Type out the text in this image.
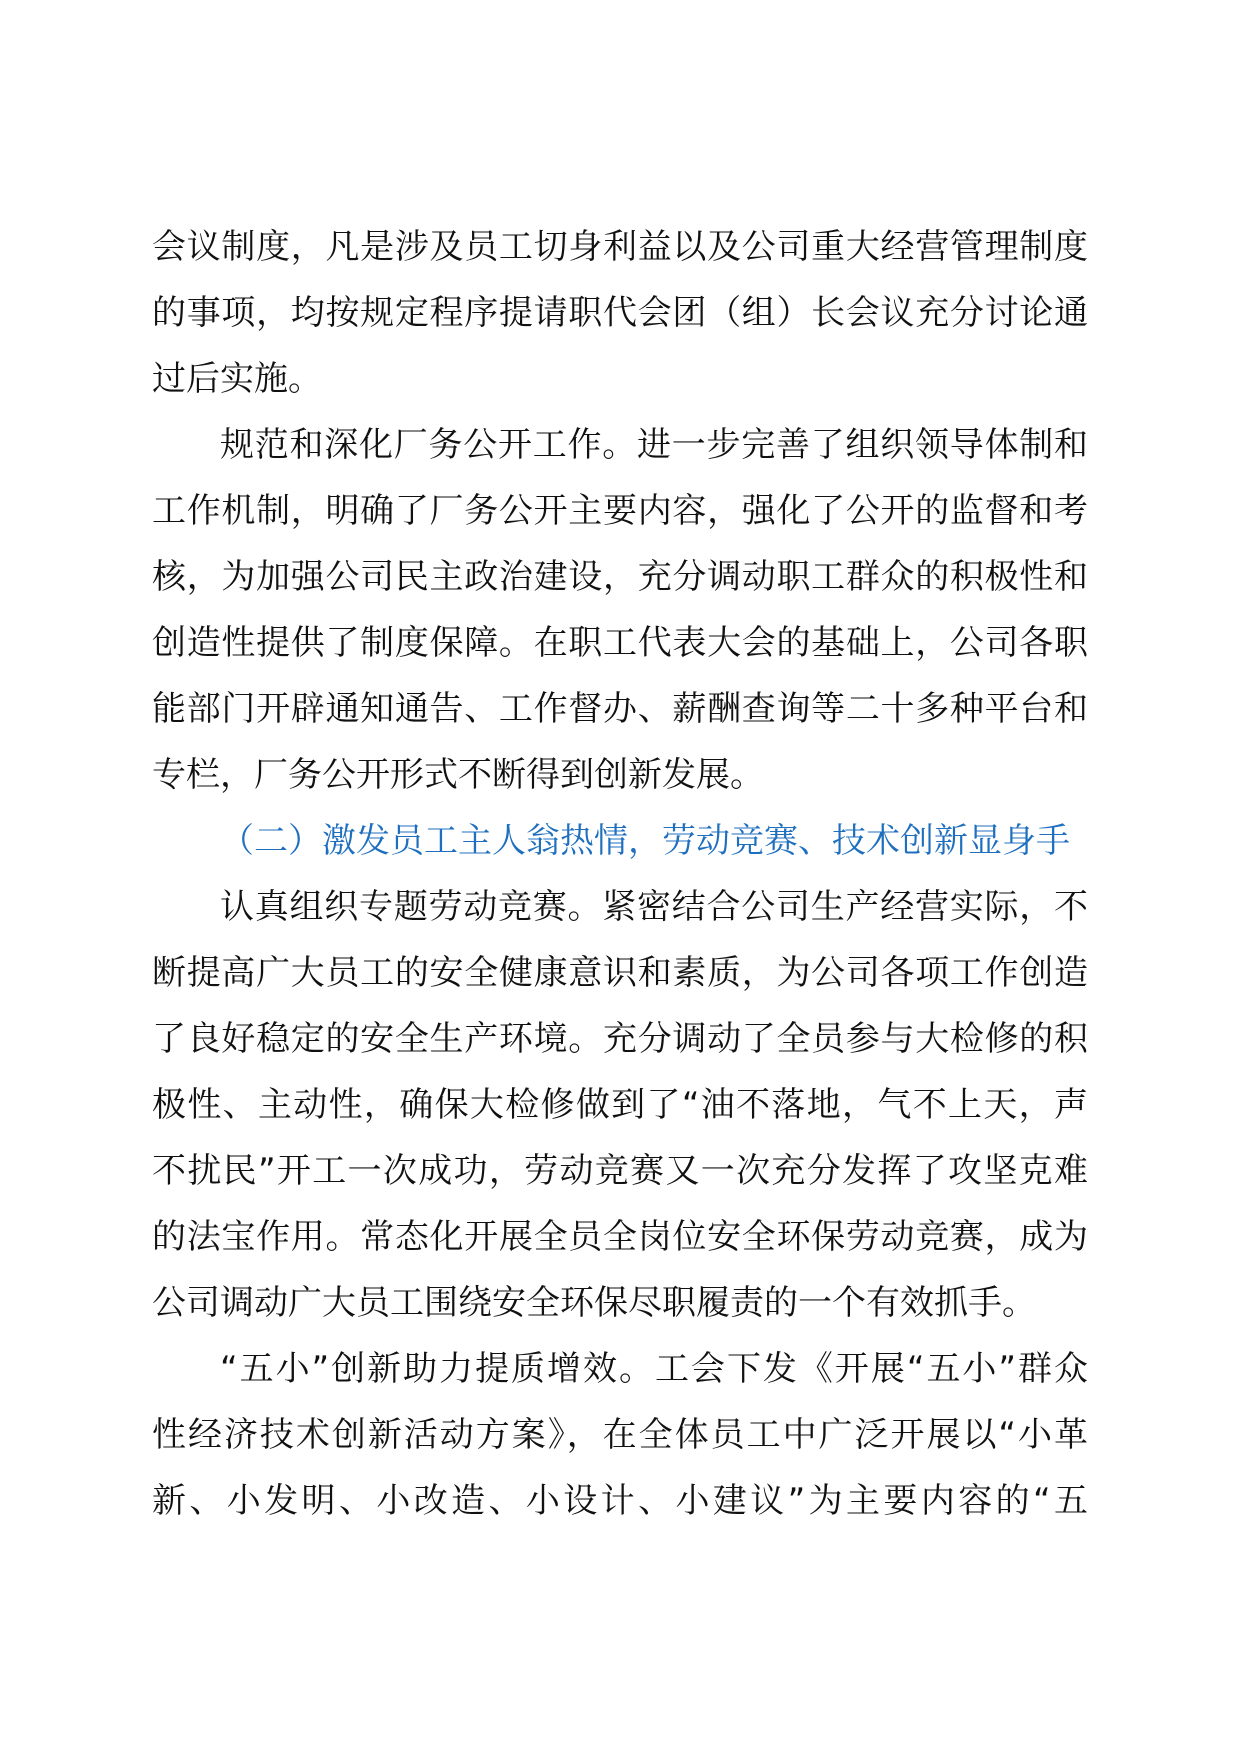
会议制度，凡是涉及员工切身利益以及公司重大经营管理制度
的事项，均按规定程序提请职代会团（组）长会议充分讨论通
过后实施。
规范和深化厂务公开工作。进一步完善了组织领导体制和
工作机制，明确了厂务公开主要内容，强化了公开的监督和考
核，为加强公司民主政治建设，充分调动职工群众的积极性和
创造性提供了制度保障。在职工代表大会的基础上，公司各职
能部门开辟通知通告、工作督办、薪酬查询等二十多种平台和
专栏，厂务公开形式不断得到创新发展。
（二）激发员工主人翁热情，劳动竞赛、技术创新显身手
认真组织专题劳动竞赛。紧密结合公司生产经营实际，不
断提高广大员工的安全健康意识和素质，为公司各项工作创造
了良好稳定的安全生产环境。充分调动了全员参与大检修的积
极性、主动性，确保大检修做到了“油不落地，气不上天，声
不扰民”开工一次成功，劳动竞赛又一次充分发挥了攻坚克难
的法宝作用。常态化开展全员全岗位安全环保劳动竞赛，成为
公司调动广大员工围绕安全环保尽职履责的一个有效抓手。
“五小”创新助力提质增效。工会下发《开展“五小”群众
性经济技术创新活动方案》，在全体员工中广泛开展以“小革
新、小发明、小改造、小设计、小建议”为主要内容的“五
